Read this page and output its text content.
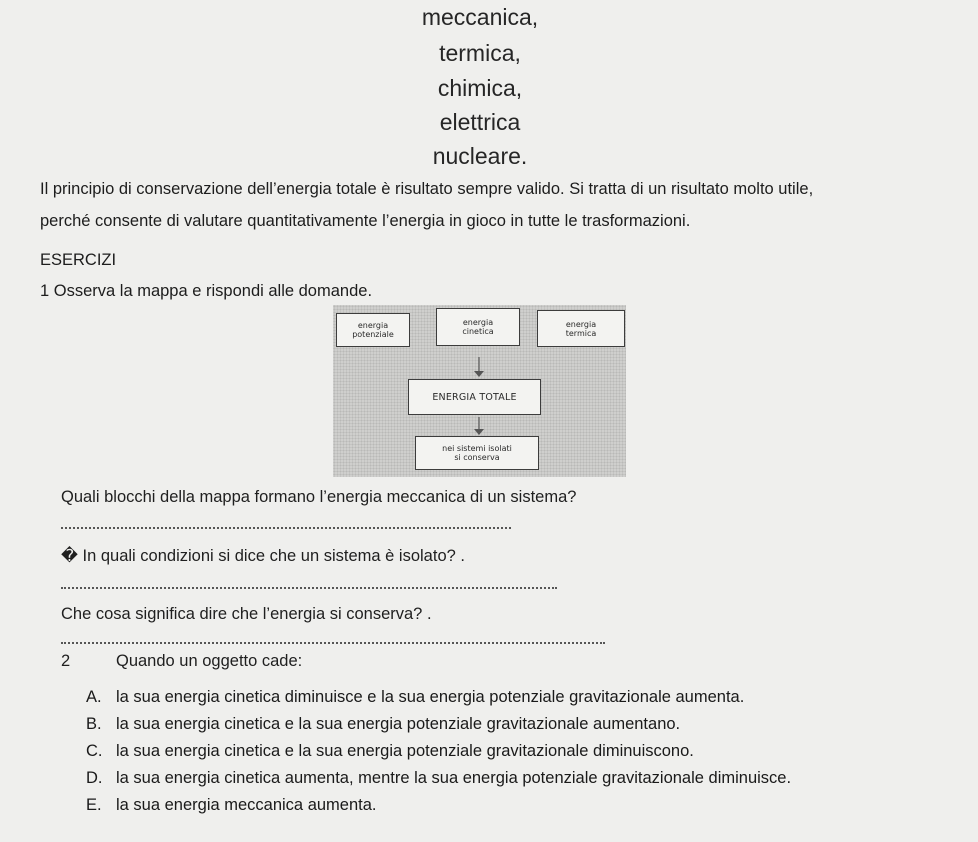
meccanica,
termica,
chimica,
elettrica
nucleare.
Il principio di conservazione dell’energia totale è risultato sempre valido. Si tratta di un risultato molto utile,
perché consente di valutare quantitativamente l’energia in gioco in tutte le trasformazioni.
ESERCIZI
1 Osserva la mappa e rispondi alle domande.
energia
potenziale
energia
cinetica
energia
termica
ENERGIA TOTALE
nei sistemi isolati
si conserva
Quali blocchi della mappa formano l’energia meccanica di un sistema?
� In quali condizioni si dice che un sistema è isolato? .
Che cosa significa dire che l’energia si conserva? .
2	Quando un oggetto cade:
A. la sua energia cinetica diminuisce e la sua energia potenziale gravitazionale aumenta.
B. la sua energia cinetica e la sua energia potenziale gravitazionale aumentano.
C. la sua energia cinetica e la sua energia potenziale gravitazionale diminuiscono.
D. la sua energia cinetica aumenta, mentre la sua energia potenziale gravitazionale diminuisce.
E. la sua energia meccanica aumenta.
